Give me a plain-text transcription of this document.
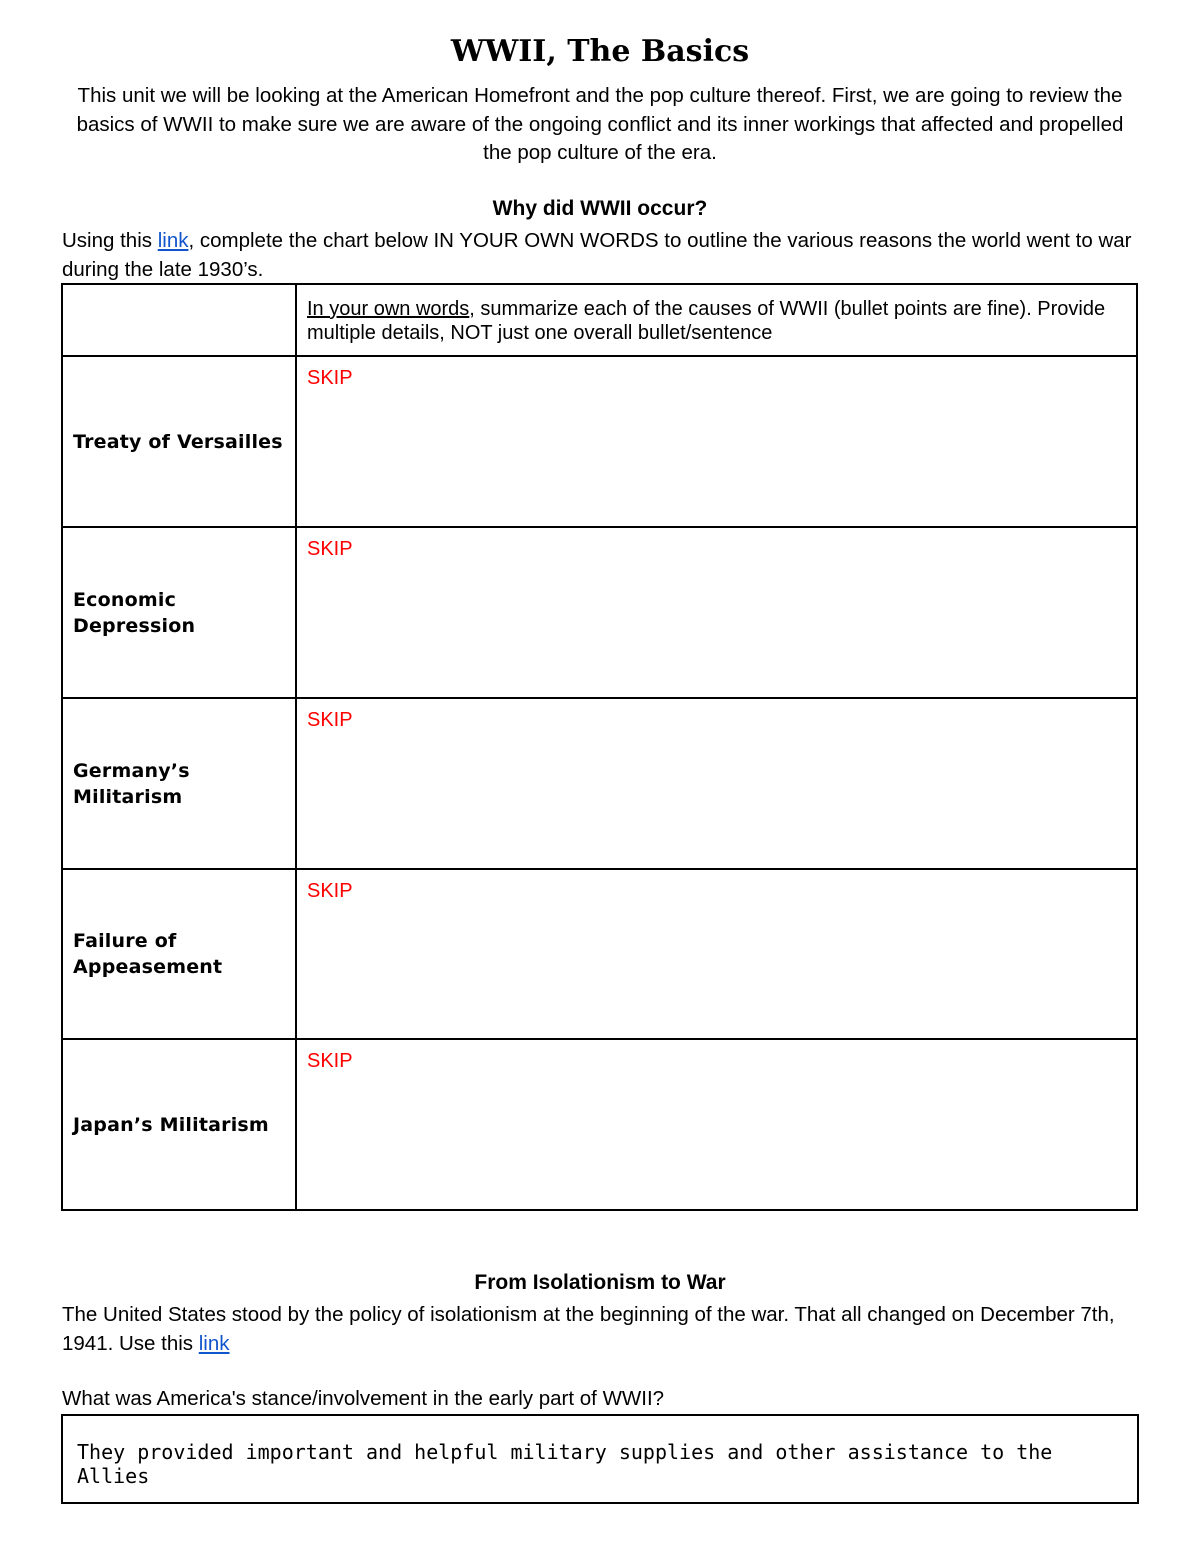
WWII, The Basics
This unit we will be looking at the American Homefront and the pop culture thereof. First, we are going to review the basics of WWII to make sure we are aware of the ongoing conflict and its inner workings that affected and propelled the pop culture of the era.
Why did WWII occur?
Using this link, complete the chart below IN YOUR OWN WORDS to outline the various reasons the world went to war during the late 1930’s.
	In your own words, summarize each of the causes of WWII (bullet points are fine). Provide multiple details, NOT just one overall bullet/sentence
Treaty of Versailles	SKIP
Economic Depression	SKIP
Germany’s Militarism	SKIP
Failure of Appeasement	SKIP
Japan’s Militarism	SKIP
From Isolationism to War
The United States stood by the policy of isolationism at the beginning of the war. That all changed on December 7th, 1941. Use this link
What was America's stance/involvement in the early part of WWII?
They provided important and helpful military supplies and other assistance to the Allies
